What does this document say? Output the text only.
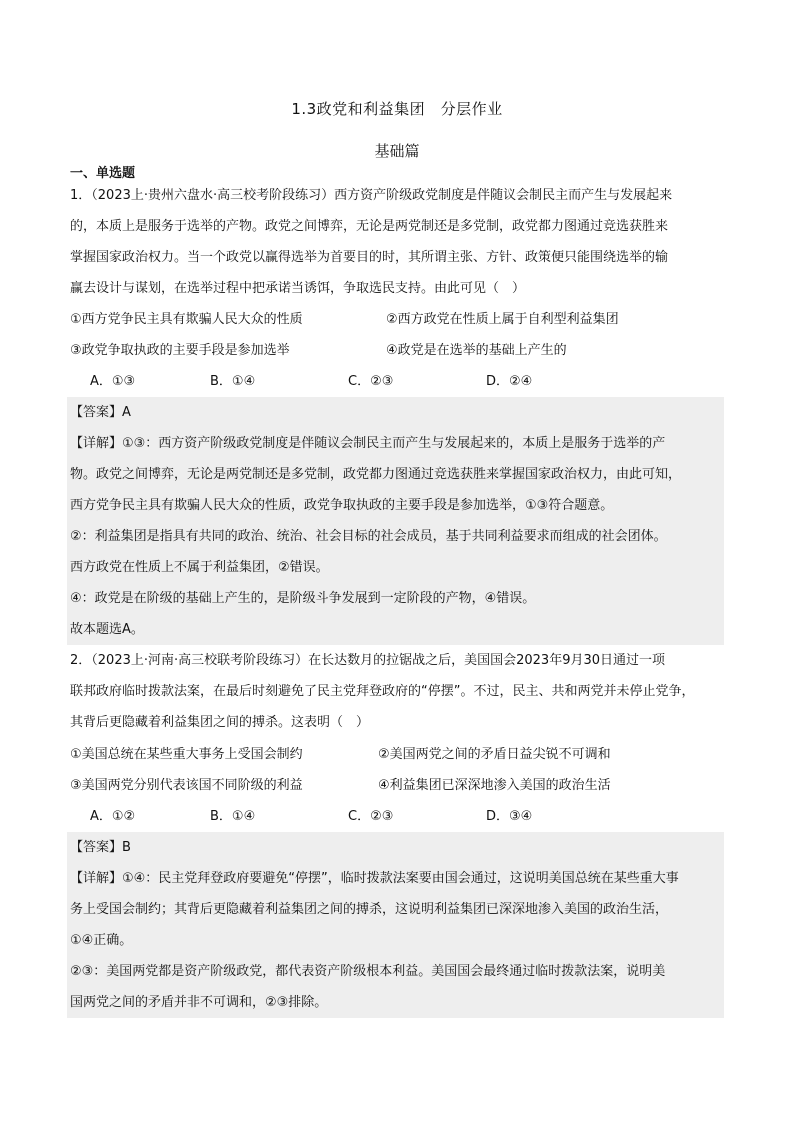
1.3政党和利益集团　分层作业
基础篇
一、单选题
1．（2023上·贵州六盘水·高三校考阶段练习）西方资产阶级政党制度是伴随议会制民主而产生与发展起来
的，本质上是服务于选举的产物。政党之间博弈，无论是两党制还是多党制，政党都力图通过竞选获胜来
掌握国家政治权力。当一个政党以赢得选举为首要目的时，其所谓主张、方针、政策便只能围绕选举的输
赢去设计与谋划，在选举过程中把承诺当诱饵，争取选民支持。由此可见（　）
①西方党争民主具有欺骗人民大众的性质	②西方政党在性质上属于自利型利益集团
③政党争取执政的主要手段是参加选举	④政党是在选举的基础上产生的
A．①③	B．①④	C．②③	D．②④
【答案】A
【详解】①③：西方资产阶级政党制度是伴随议会制民主而产生与发展起来的，本质上是服务于选举的产
物。政党之间博弈，无论是两党制还是多党制，政党都力图通过竞选获胜来掌握国家政治权力，由此可知，
西方党争民主具有欺骗人民大众的性质，政党争取执政的主要手段是参加选举，①③符合题意。
②：利益集团是指具有共同的政治、统治、社会目标的社会成员，基于共同利益要求而组成的社会团体。
西方政党在性质上不属于利益集团，②错误。
④：政党是在阶级的基础上产生的，是阶级斗争发展到一定阶段的产物，④错误。
故本题选A。
2．（2023上·河南·高三校联考阶段练习）在长达数月的拉锯战之后，美国国会2023年9月30日通过一项
联邦政府临时拨款法案，在最后时刻避免了民主党拜登政府的“停摆”。不过，民主、共和两党并未停止党争，
其背后更隐藏着利益集团之间的搏杀。这表明（　）
①美国总统在某些重大事务上受国会制约	②美国两党之间的矛盾日益尖锐不可调和
③美国两党分别代表该国不同阶级的利益	④利益集团已深深地渗入美国的政治生活
A．①②	B．①④	C．②③	D．③④
【答案】B
【详解】①④：民主党拜登政府要避免“停摆”，临时拨款法案要由国会通过，这说明美国总统在某些重大事
务上受国会制约；其背后更隐藏着利益集团之间的搏杀，这说明利益集团已深深地渗入美国的政治生活，
①④正确。
②③：美国两党都是资产阶级政党，都代表资产阶级根本利益。美国国会最终通过临时拨款法案，说明美
国两党之间的矛盾并非不可调和，②③排除。
